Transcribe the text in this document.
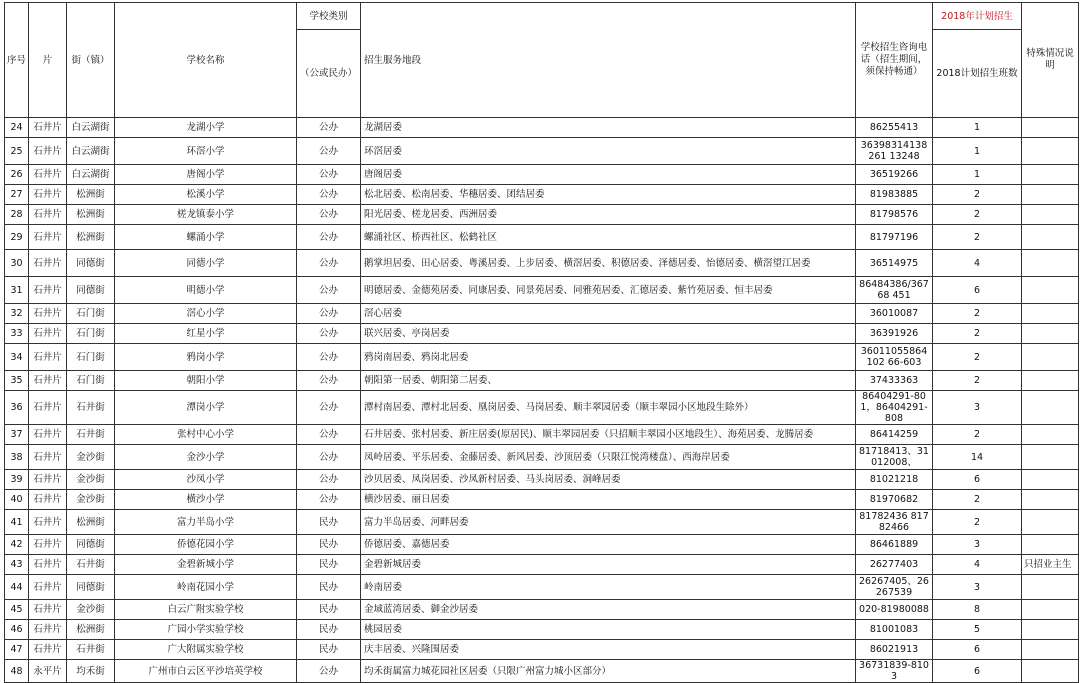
序号	片	街（镇）	学校名称	学校类别	招生服务地段	学校招生咨询电话（招生期间，须保持畅通）	2018年计划招生	特殊情况说明
				（公或民办）			2018计划招生班数	
24	石井片	白云湖街	龙湖小学	公办	龙湖居委	86255413	1	
25	石井片	白云湖街	环滘小学	公办	环滘居委	36398314138261 13248	1	
26	石井片	白云湖街	唐阁小学	公办	唐阁居委	36519266	1	
27	石井片	松洲街	松溪小学	公办	松北居委、松南居委、华穗居委、团结居委	81983885	2	
28	石井片	松洲街	槎龙镇泰小学	公办	阳光居委、槎龙居委、西洲居委	81798576	2	
29	石井片	松洲街	螺涌小学	公办	螺涌社区、桥西社区、松鹤社区	81797196	2	
30	石井片	同德街	同德小学	公办	鹅掌坦居委、田心居委、粤溪居委、上步居委、横滘居委、积德居委、泽德居委、怡德居委、横滘望江居委	36514975	4	
31	石井片	同德街	明德小学	公办	明德居委、金德苑居委、同康居委、同景苑居委、同雅苑居委、汇德居委、紫竹苑居委、恒丰居委	86484386/36768 451	6	
32	石井片	石门街	滘心小学	公办	滘心居委	36010087	2	
33	石井片	石门街	红星小学	公办	联兴居委、亭岗居委	36391926	2	
34	石井片	石门街	鸦岗小学	公办	鸦岗南居委、鸦岗北居委	36011055864102 66-603	2	
35	石井片	石门街	朝阳小学	公办	朝阳第一居委、朝阳第二居委、	37433363	2	
36	石井片	石井街	潭岗小学	公办	潭村南居委、潭村北居委、凰岗居委、马岗居委、顺丰翠园居委（顺丰翠园小区地段生除外）	86404291-801，86404291-808	3	
37	石井片	石井街	张村中心小学	公办	石井居委、张村居委、新庄居委(原居民)、顺丰翠园居委（只招顺丰翠园小区地段生）、海苑居委、龙腾居委	86414259	2	
38	石井片	金沙街	金沙小学	公办	凤岭居委、平乐居委、金藤居委、新风居委、沙顶居委（只限江悦湾楼盘）、西海岸居委	81718413、31012008、	14	
39	石井片	金沙街	沙凤小学	公办	沙贝居委、凤岗居委、沙凤新村居委、马头岗居委、洞峰居委	81021218	6	
40	石井片	金沙街	横沙小学	公办	横沙居委、丽日居委	81970682	2	
41	石井片	松洲街	富力半岛小学	民办	富力半岛居委、河畔居委	81782436 81782466	2	
42	石井片	同德街	侨德花园小学	民办	侨德居委、嘉德居委	86461889	3	
43	石井片	石井街	金碧新城小学	民办	金碧新城居委	26277403	4	只招业主生
44	石井片	同德街	岭南花园小学	民办	岭南居委	26267405、26267539	3	
45	石井片	金沙街	白云广附实验学校	民办	金域蓝湾居委、御金沙居委	020-81980088	8	
46	石井片	松洲街	广园小学实验学校	民办	桃园居委	81001083	5	
47	石井片	石井街	广大附属实验学校	民办	庆丰居委、兴隆围居委	86021913	6	
48	永平片	均禾街	广州市白云区平沙培英学校	公办	均禾街属富力城花园社区居委（只限广州富力城小区部分）	36731839-8103	6	
